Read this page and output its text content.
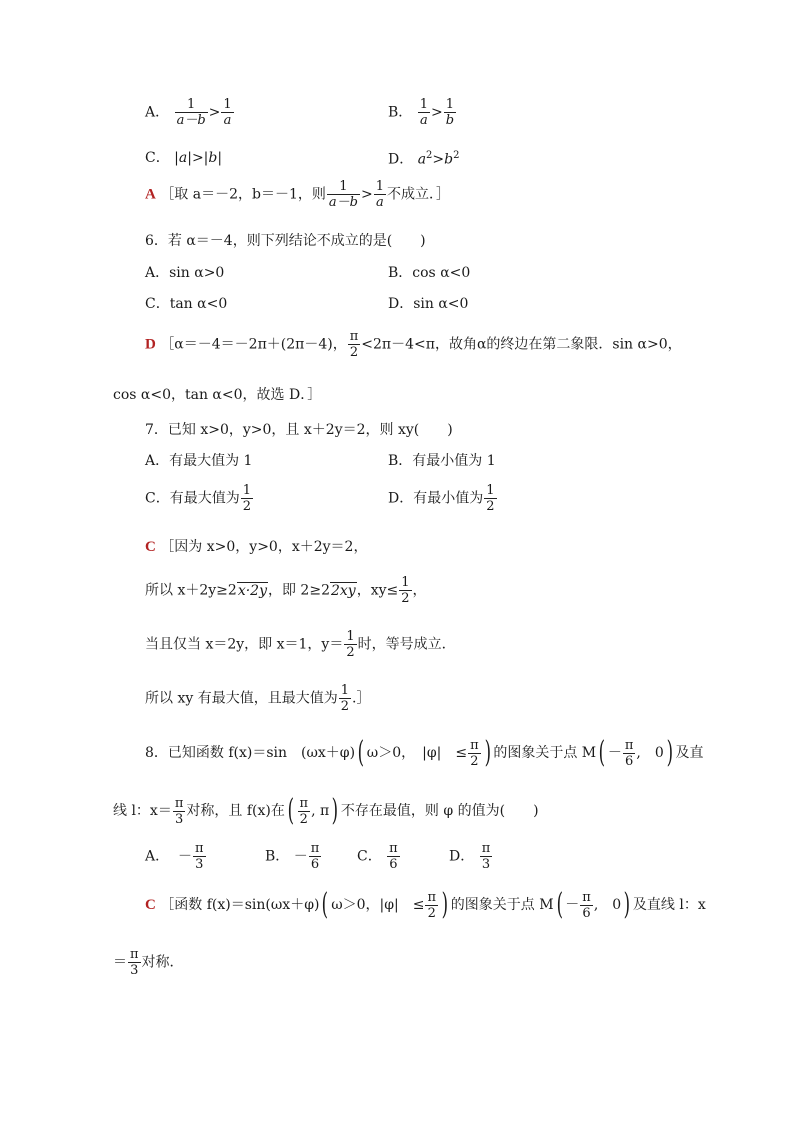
A． $\frac{1}{a-b} > \frac{1}{a}$	B． $\frac{1}{a} > \frac{1}{b}$
C． |a|>|b|	D． $a^2>b^2$
A ［取 a＝－2，b＝－1，则 $\frac{1}{a-b} > \frac{1}{a}$ 不成立．］
6．若 α＝－4，则下列结论不成立的是(　　)
A．sin α>0	B．cos α<0
C．tan α<0	D．sin α<0
D ［α＝－4＝－2π＋(2π－4)， $\frac{\pi}{2} <2\pi-4<\pi$，故角α的终边在第二象限．sin α>0，
cos α<0，tan α<0，故选 D．］
7．已知 x>0，y>0，且 x＋2y＝2，则 xy(　　)
A．有最大值为 1	B．有最小值为 1
C．有最大值为 $\frac{1}{2}$	D．有最小值为 $\frac{1}{2}$
C ［因为 x>0，y>0，x＋2y＝2，
所以 x＋2y≥2x·2y，即 2≥22xy，$xy\le \frac{1}{2}$ ，
当且仅当 x＝2y，即 x＝1，$y= \frac{1}{2}$ 时，等号成立．
所以 xy 有最大值，且最大值为 $\frac{1}{2}$ .］
8．已知函数 f(x)＝sin　(ωx＋φ)( ω＞0，　|φ|　≤ $\frac{\pi}{2}$ ) 的图象关于点 $M( - \frac{\pi}{6}$ ,　0) 及直
线 l：$x= \frac{\pi}{3}$ 对称，且 f(x)在( $\frac{\pi}{2}$ , π) 不存在最值，则 φ 的值为(　　)
A． － $\frac{\pi}{3}$	B． － $\frac{\pi}{6}$	C． $\frac{\pi}{6}$	D． $\frac{\pi}{3}$
C ［函数 f(x)＝sin(ωx＋φ)( ω＞0，|φ|　≤ $\frac{\pi}{2}$ ) 的图象关于点 $M( - \frac{\pi}{6}$ ,　0) 及直线 l：x
＝ $\frac{\pi}{3}$ 对称．
